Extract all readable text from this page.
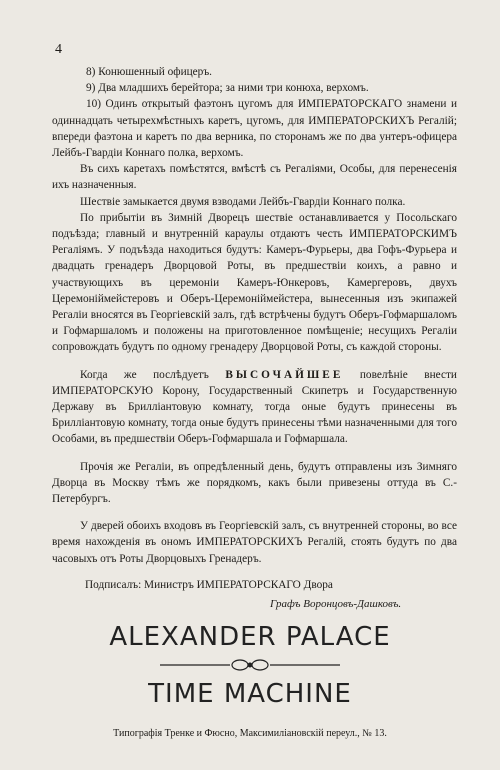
4

8) Конюшенный офицеръ.

9) Два младшихъ берейтора; за ними три конюха, верхомъ.

10) Одинъ открытый фаэтонъ цугомъ для ИМПЕРАТОРСКАГО знамени и одиннадцать четырехмѣстныхъ каретъ, цугомъ, для ИМПЕРАТОРСКИХЪ Регалій; впереди фаэтона и каретъ по два верника, по сторонамъ же по два унтеръ-офицера Лейбъ-Гвардіи Коннаго полка, верхомъ.

Въ сихъ каретахъ помѣстятся, вмѣстѣ съ Регаліями, Особы, для перенесенія ихъ назначенныя.

Шествіе замыкается двумя взводами Лейбъ-Гвардіи Коннаго полка.

По прибытіи въ Зимній Дворецъ шествіе останавливается у Посольскаго подъѣзда; главный и внутренній караулы отдаютъ честь ИМПЕРАТОРСКИМЪ Регаліямъ. У подъѣзда находиться будутъ: Камеръ-Фурьеры, два Гофъ-Фурьера и двадцать гренадеръ Дворцовой Роты, въ предшествіи коихъ, а равно и участвующихъ въ церемоніи Камеръ-Юнкеровъ, Камергеровъ, двухъ Церемоніймейстеровъ и Оберъ-Церемоніймейстера, вынесенныя изъ экипажей Регаліи вносятся въ Георгіевскій залъ, гдѣ встрѣчены будутъ Оберъ-Гофмаршаломъ и Гофмаршаломъ и положены на приготовленное помѣщеніе; несущихъ Регаліи сопровождать будутъ по одному гренадеру Дворцовой Роты, съ каждой стороны.

Когда же послѣдуетъ ВЫСОЧАЙШЕЕ повелѣніе внести ИМПЕРАТОРСКУЮ Корону, Государственный Скипетръ и Государственную Державу въ Бриллiантовую комнату, тогда оные будутъ принесены въ Бриллiантовую комнату, тогда оные будутъ принесены тѣми назначенными для того Особами, въ предшествіи Оберъ-Гофмаршала и Гофмаршала.

Прочія же Регаліи, въ опредѣленный день, будутъ отправлены изъ Зимняго Дворца въ Москву тѣмъ же порядкомъ, какъ были привезены оттуда въ С.-Петербургъ.

У дверей обоихъ входовъ въ Георгіевскій залъ, съ внутренней стороны, во все время нахожденія въ ономъ ИМПЕРАТОРСКИХЪ Регалій, стоять будутъ по два часовыхъ отъ Роты Дворцовыхъ Гренадеръ.

Подписалъ: Министръ ИМПЕРАТОРСКАГО Двора
Графъ Воронцовъ-Дашковъ.
ALEXANDER PALACE
TIME MACHINE
Типографія Тренке и Фюсно, Максимиліановскій переул., № 13.
